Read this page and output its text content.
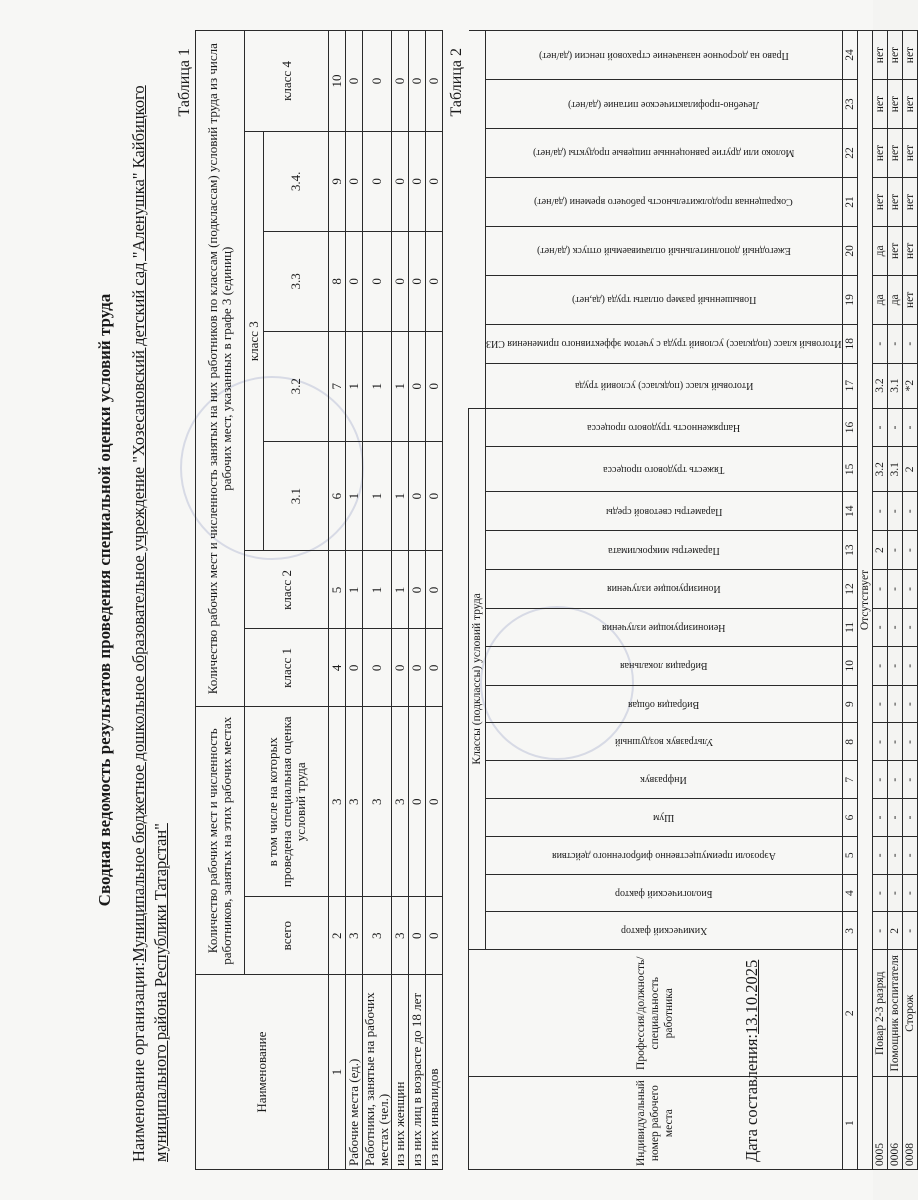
Сводная ведомость результатов проведения специальной оценки условий труда
Наименование организации:Муниципальное бюджетное дошкольное образовательное учреждение "Хозесановский детский сад "Аленушка" Кайбицкого муниципального района Республики Татарстан"
Таблица 1
Наименование	Количество рабочих мест и численность работников, занятых на этих рабочих местах		Количество рабочих мест и численность занятых на них работников по классам (подклассам) условий труда из числа рабочих мест, указанных в графе 3 (единиц)						
	всего	в том числе на которых проведена специальная оценка условий труда	класс 1	класс 2	класс 3				класс 4
					3.1	3.2	3.3	3.4.	
1	2	3	4	5	6	7	8	9	10
Рабочие места (ед.)	3	3	0	1	1	1	0	0	0
Работники, занятые на рабочих местах (чел.)	3	3	0	1	1	1	0	0	0
из них женщин	3	3	0	1	1	1	0	0	0
из них лиц в возрасте до 18 лет	0	0	0	0	0	0	0	0	0
из них инвалидов	0	0	0	0	0	0	0	0	0 Таблица 2
Индивидуальный номер рабочего места	Профессия/должность/специальность работника	Классы (подклассы) условий труда																					

		Химический фактор	Биологический фактор	Аэрозоли преимущественно фиброгенного действия	Шум	Инфразвук	Ультразвук воздушный	Вибрация общая	Вибрация локальная	Неионизирующие излучения	Ионизирующие излучения	Параметры микроклимата	Параметры световой среды	Тяжесть трудового процесса	Напряженность трудового процесса	Итоговый класс (подкласс) условий труда	Итоговый класс (подкласс) условий труда с учетом эффективного применения СИЗ	Повышенный размер оплаты труда (да,нет)	Ежегодный дополнительный оплачиваемый отпуск (да/нет)	Сокращенная продолжительность рабочего времени (да/нет)	Молоко или другие равноценные пищевые продукты (да/нет)	Лечебно-профилактическое питание (да/нет)	Право на досрочное назначение страховой пенсии (да/нет)

1	2	3	4	5	6	7	8	9	10	11	12	13	14	15	16	17	18	19	20	21	22	23	24
Отсутствует																							
0005	Повар 2-3 разряд	-	-	-	-	-	-	-	-	-	-	2	-	3.2	-	3.2	-	да	да	нет	нет	нет	нет
0006	Помощник воспитателя	2	-	-	-	-	-	-	-	-	-	-	-	3.1	-	3.1	-	да	нет	нет	нет	нет	нет
0008	Сторож	-	-	-	-	-	-	-	-	-	-	-	-	2	-	*2	-	нет	нет	нет	нет	нет	нет
Дата составления:13.10.2025
